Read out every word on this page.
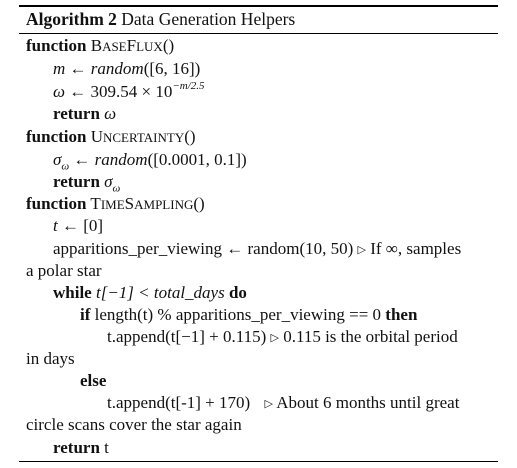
Algorithm 2 Data Generation Helpers
function BASEFLUX()
m ← random([6, 16])
ω ← $309.54 \times 10^{-m/2.5}$
return ω
function UNCERTAINTY()
$\sigma_\omega$ ← random([0.0001, 0.1])
return $\sigma_\omega$
function TIMESAMPLING()
t ← [0]
apparitions_per_viewing ← random(10, 50) ▷ If ∞, samples
a polar star
while t[−1] < total_days do
if length(t) % apparitions_per_viewing == 0 then
t.append(t[−1] + 0.115) ▷ 0.115 is the orbital period
in days
else
t.append(t[-1] + 170) ▷ About 6 months until great
circle scans cover the star again
return t
